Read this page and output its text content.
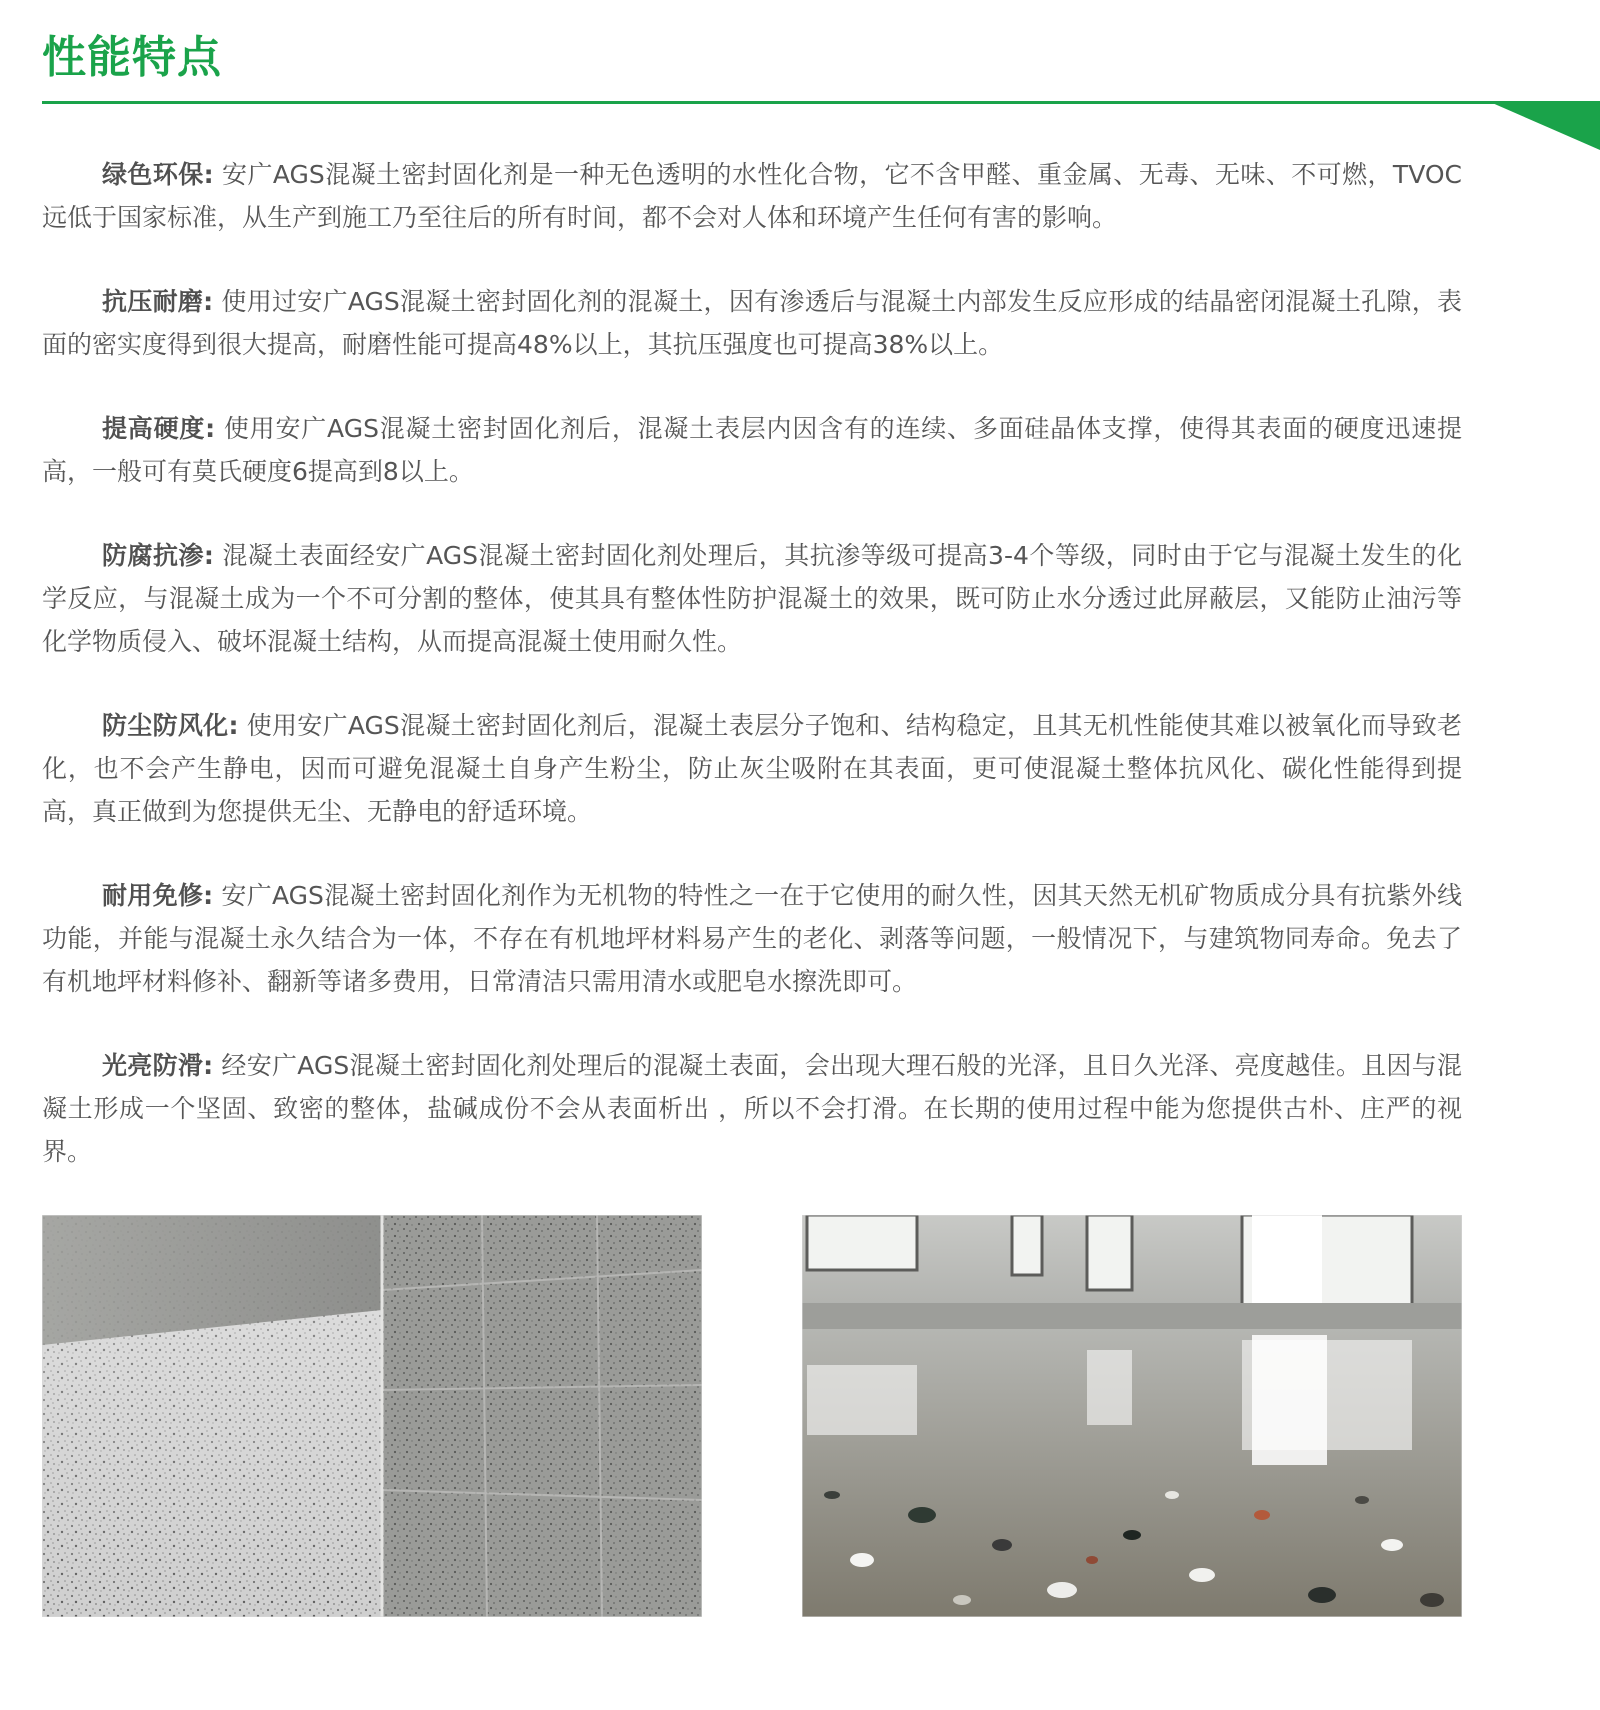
性能特点

绿色环保: 安广AGS混凝土密封固化剂是一种无色透明的水性化合物，它不含甲醛、重金属、无毒、无味、不可燃，TVOC远低于国家标准，从生产到施工乃至往后的所有时间，都不会对人体和环境产生任何有害的影响。

抗压耐磨: 使用过安广AGS混凝土密封固化剂的混凝土，因有渗透后与混凝土内部发生反应形成的结晶密闭混凝土孔隙，表面的密实度得到很大提高，耐磨性能可提高48%以上，其抗压强度也可提高38%以上。

提高硬度: 使用安广AGS混凝土密封固化剂后，混凝土表层内因含有的连续、多面硅晶体支撑，使得其表面的硬度迅速提高，一般可有莫氏硬度6提高到8以上。

防腐抗渗: 混凝土表面经安广AGS混凝土密封固化剂处理后，其抗渗等级可提高3-4个等级，同时由于它与混凝土发生的化学反应，与混凝土成为一个不可分割的整体，使其具有整体性防护混凝土的效果，既可防止水分透过此屏蔽层，又能防止油污等化学物质侵入、破坏混凝土结构，从而提高混凝土使用耐久性。

防尘防风化: 使用安广AGS混凝土密封固化剂后，混凝土表层分子饱和、结构稳定，且其无机性能使其难以被氧化而导致老化，也不会产生静电，因而可避免混凝土自身产生粉尘，防止灰尘吸附在其表面，更可使混凝土整体抗风化、碳化性能得到提高，真正做到为您提供无尘、无静电的舒适环境。

耐用免修: 安广AGS混凝土密封固化剂作为无机物的特性之一在于它使用的耐久性，因其天然无机矿物质成分具有抗紫外线功能，并能与混凝土永久结合为一体，不存在有机地坪材料易产生的老化、剥落等问题，一般情况下，与建筑物同寿命。免去了有机地坪材料修补、翻新等诸多费用，日常清洁只需用清水或肥皂水擦洗即可。

光亮防滑: 经安广AGS混凝土密封固化剂处理后的混凝土表面，会出现大理石般的光泽，且日久光泽、亮度越佳。且因与混凝土形成一个坚固、致密的整体，盐碱成份不会从表面析出 ，所以不会打滑。在长期的使用过程中能为您提供古朴、庄严的视界。
